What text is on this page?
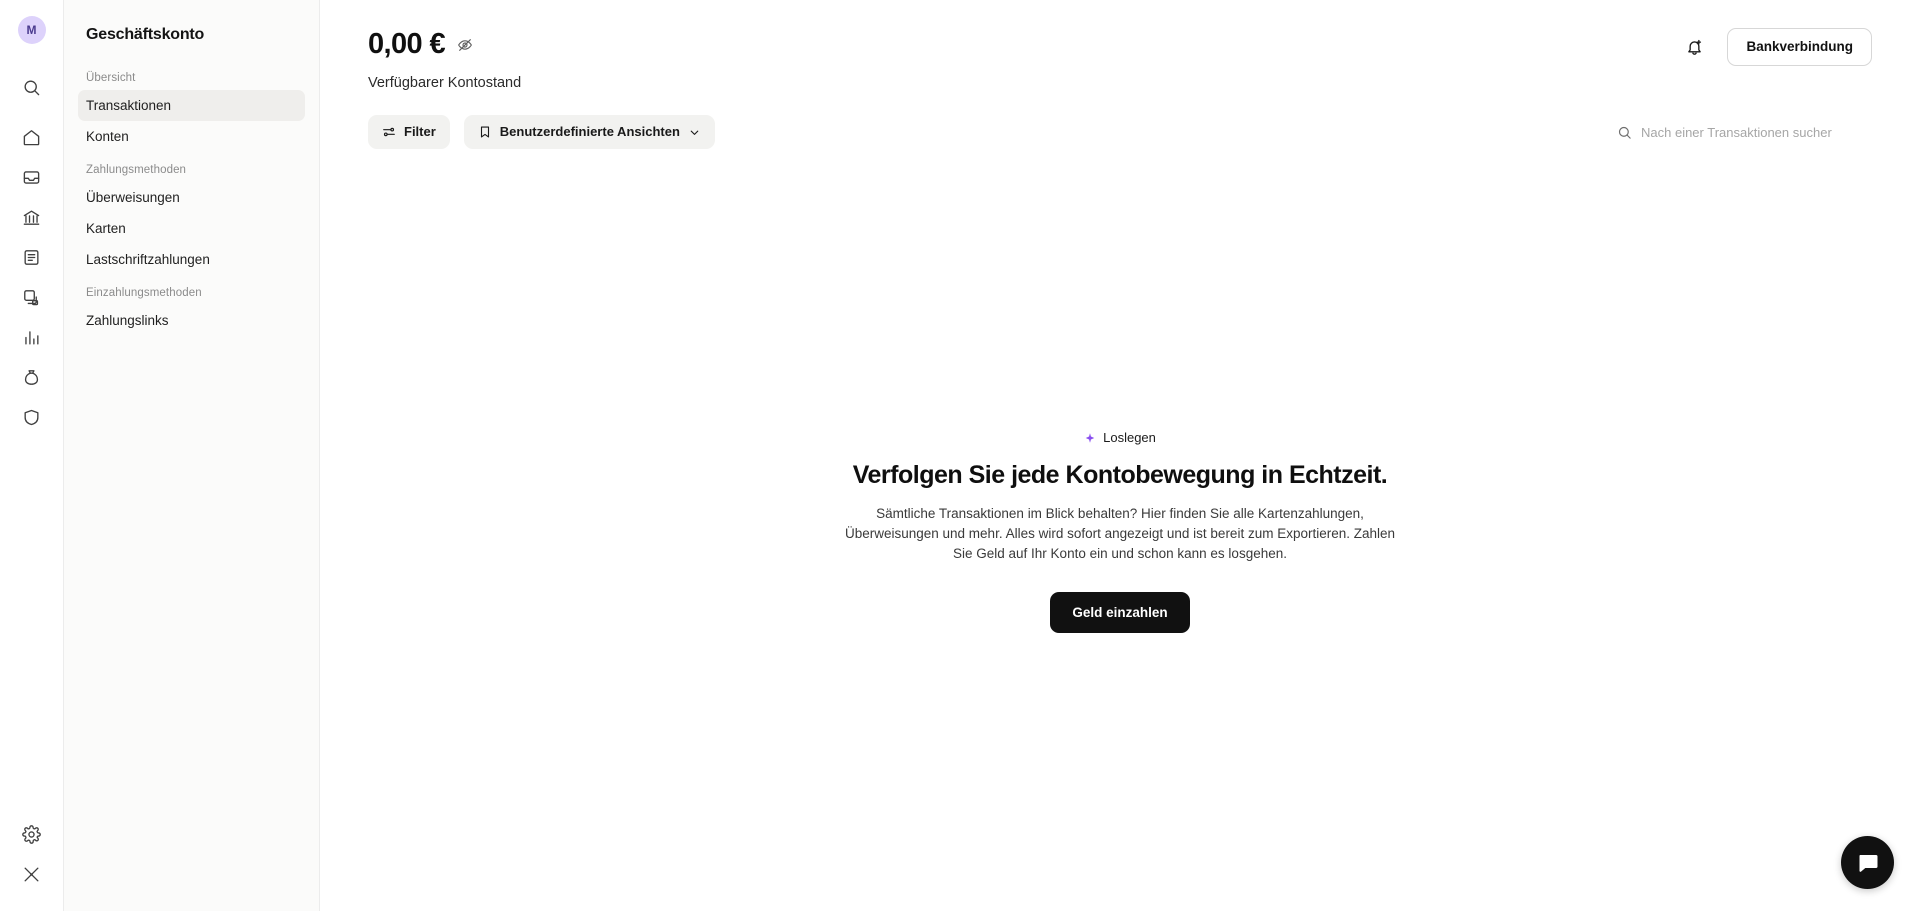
M	Geschäftskonto
Übersicht
Transaktionen
Konten
Zahlungsmethoden
Überweisungen
Karten
Lastschriftzahlungen
Einzahlungsmethoden
Zahlungslinks
0,00 €
Verfügbarer Kontostand
Bankverbindung
Filter	Benutzerdefinierte Ansichten
Nach einer Transaktionen sucher
Loslegen
Verfolgen Sie jede Kontobewegung in Echtzeit.
Sämtliche Transaktionen im Blick behalten? Hier finden Sie alle Kartenzahlungen, Überweisungen und mehr. Alles wird sofort angezeigt und ist bereit zum Exportieren. Zahlen Sie Geld auf Ihr Konto ein und schon kann es losgehen.
Geld einzahlen
